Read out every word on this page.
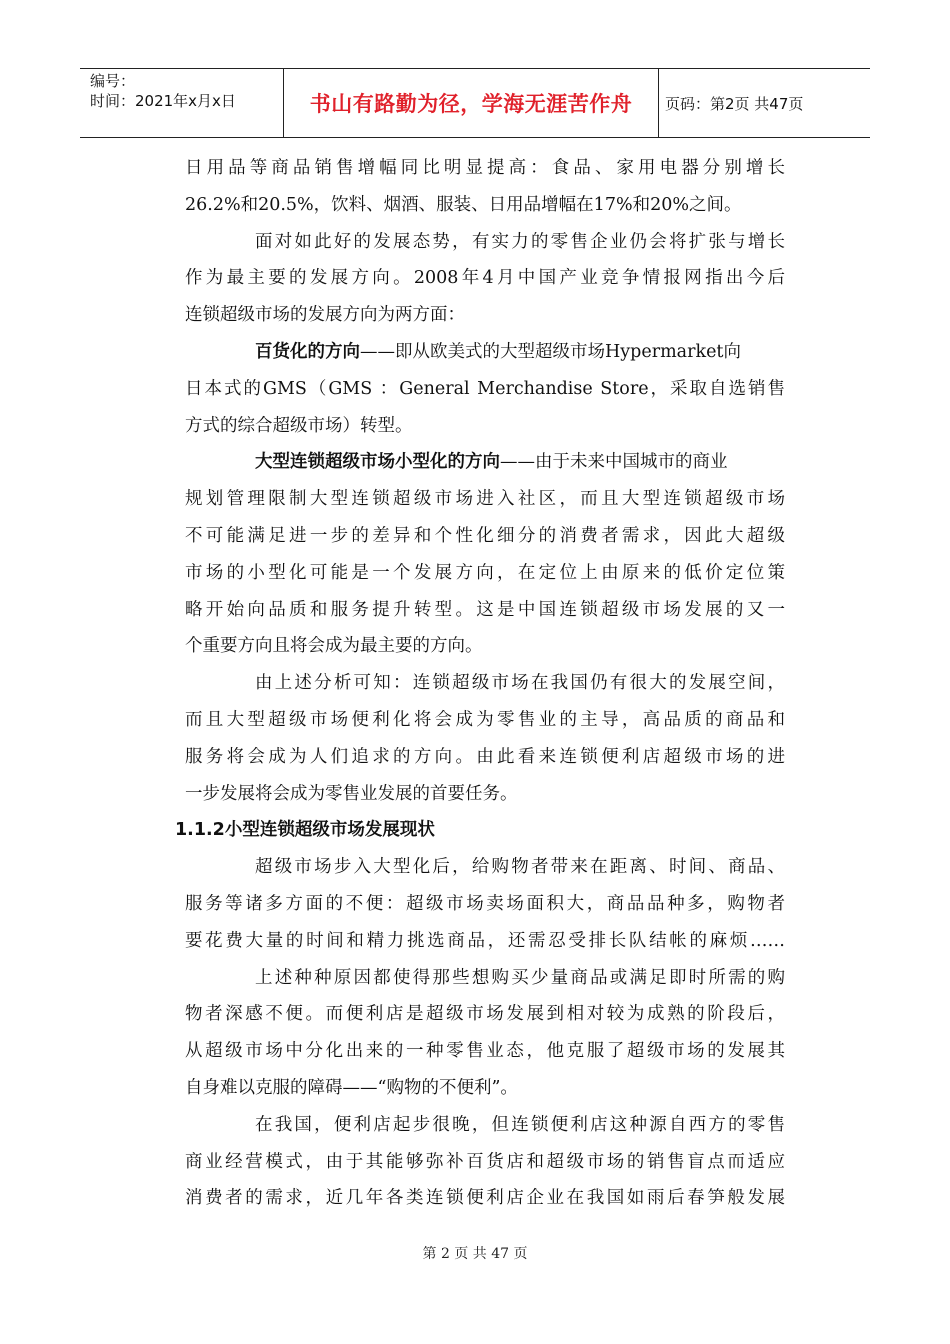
编号：
时间：2021年x月x日	书山有路勤为径，学海无涯苦作舟 页码：第2页 共47页
日用品等商品销售增幅同比明显提高：食品、家用电器分别增长
26.2%和20.5%，饮料、烟酒、服装、日用品增幅在17%和20%之间。
面对如此好的发展态势，有实力的零售企业仍会将扩张与增长
作为最主要的发展方向。2008年4月中国产业竞争情报网指出今后
连锁超级市场的发展方向为两方面：
百货化的方向——即从欧美式的大型超级市场Hypermarket向
日本式的GMS（GMS ：General Merchandise Store，采取自选销售
方式的综合超级市场）转型。
大型连锁超级市场小型化的方向——由于未来中国城市的商业
规划管理限制大型连锁超级市场进入社区，而且大型连锁超级市场
不可能满足进一步的差异和个性化细分的消费者需求，因此大超级
市场的小型化可能是一个发展方向，在定位上由原来的低价定位策
略开始向品质和服务提升转型。这是中国连锁超级市场发展的又一
个重要方向且将会成为最主要的方向。
由上述分析可知：连锁超级市场在我国仍有很大的发展空间，
而且大型超级市场便利化将会成为零售业的主导，高品质的商品和
服务将会成为人们追求的方向。由此看来连锁便利店超级市场的进
一步发展将会成为零售业发展的首要任务。
1.1.2小型连锁超级市场发展现状
超级市场步入大型化后，给购物者带来在距离、时间、商品、
服务等诸多方面的不便：超级市场卖场面积大，商品品种多，购物者
要花费大量的时间和精力挑选商品，还需忍受排长队结帐的麻烦……
上述种种原因都使得那些想购买少量商品或满足即时所需的购
物者深感不便。而便利店是超级市场发展到相对较为成熟的阶段后，
从超级市场中分化出来的一种零售业态，他克服了超级市场的发展其
自身难以克服的障碍——“购物的不便利”。
在我国，便利店起步很晚，但连锁便利店这种源自西方的零售
商业经营模式，由于其能够弥补百货店和超级市场的销售盲点而适应
消费者的需求，近几年各类连锁便利店企业在我国如雨后春笋般发展
第 2 页 共 47 页
